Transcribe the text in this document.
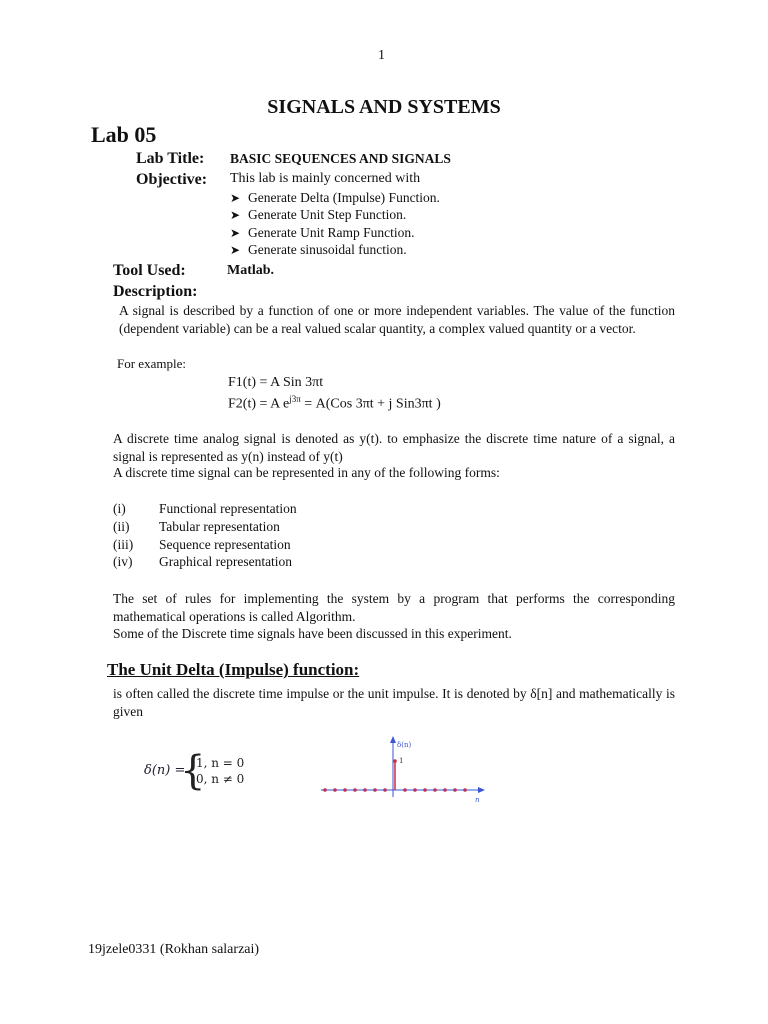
1
SIGNALS AND SYSTEMS
Lab 05
Lab Title: BASIC SEQUENCES AND SIGNALS
Objective: This lab is mainly concerned with
➤ Generate Delta (Impulse) Function.
➤ Generate Unit Step Function.
➤ Generate Unit Ramp Function.
➤ Generate sinusoidal function.
Tool Used:	Matlab.
Description:
A signal is described by a function of one or more independent variables. The value of the function (dependent variable) can be a real valued scalar quantity, a complex valued quantity or a vector.
For example:
F1(t) = A Sin 3πt
F2(t) = A $e^{j3\pi} = A(Cos$ 3πt + j Sin3πt )
A discrete time analog signal is denoted as y(t). to emphasize the discrete time nature of a signal, a signal is represented as y(n) instead of y(t)
A discrete time signal can be represented in any of the following forms:
(i) Functional representation
(ii) Tabular representation
(iii) Sequence representation
(iv) Graphical representation
The set of rules for implementing the system by a program that performs the corresponding mathematical operations is called Algorithm.
Some of the Discrete time signals have been discussed in this experiment.
The Unit Delta (Impulse) function:
is often called the discrete time impulse or the unit impulse. It is denoted by δ[n] and mathematically is given
δ(n) =
{
1, n = 0
0, n ≠ 0
δ(n)
1
n
19jzele0331 (Rokhan salarzai)
